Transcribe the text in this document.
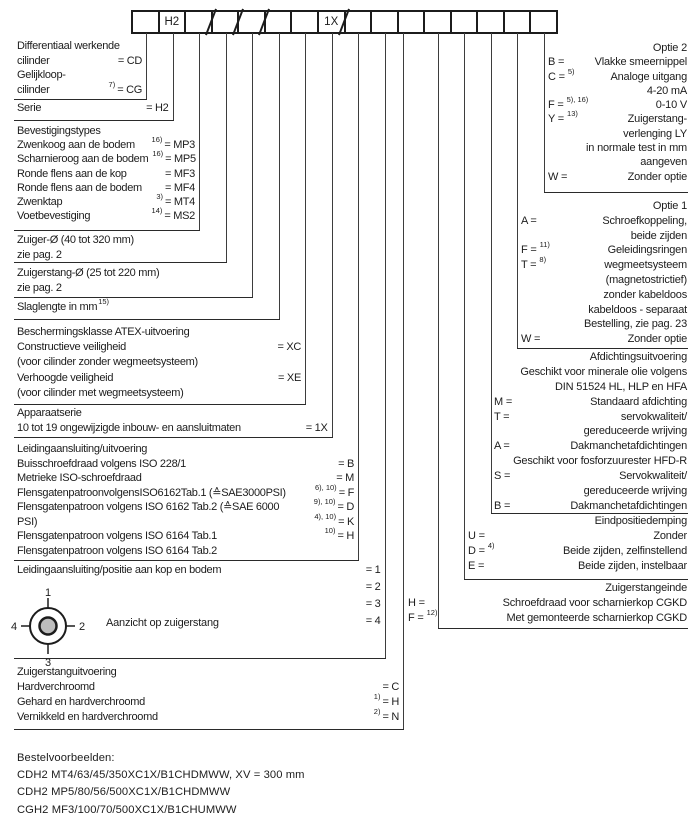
H2	1X
Differentiaal werkende
cilinder	= CD
Gelijkloop-
cilinder	7) = CG
Serie	= H2
Bevestigingstypes
Zwenkoog aan de bodem 16) = MP3
Scharnieroog aan de bodem 16) = MP5
Ronde flens aan de kop	= MF3
Ronde flens aan de bodem = MF4
Zwenktap	3) = MT4
Voetbevestiging	14) = MS2
Zuiger-Ø (40 tot 320 mm)
zie pag. 2
Zuigerstang-Ø (25 tot 220 mm)
zie pag. 2
Slaglengte in mm 15)
Beschermingsklasse ATEX-uitvoering
Constructieve veiligheid	= XC
(voor cilinder zonder wegmeetsysteem)
Verhoogde veiligheid	= XE
(voor cilinder met wegmeetsysteem)
Apparaatserie
10 tot 19 ongewijzigde inbouw- en aansluitmaten	= 1X
Leidingaansluiting/uitvoering
Buisschroefdraad volgens ISO 228/1	= B
Metrieke ISO-schroefdraad	= M
FlensgatenpatroonvolgensISO6162Tab.1 (≙SAE3000PSI)	6), 10) = F
Flensgatenpatroon volgens ISO 6162 Tab.2 (≙SAE 6000	9), 10) = D
PSI)	4), 10) = K
Flensgatenpatroon volgens ISO 6164 Tab.1	10) = H
Flensgatenpatroon volgens ISO 6164 Tab.2
Leidingaansluiting/positie aan kop en bodem	= 1
= 2
= 3
= 4
Zuigerstanguitvoering
Hardverchroomd	= C
Gehard en hardverchroomd	1) = H
Vernikkeld en hardverchroomd	2) = N
Optie 2
B =	Vlakke smeernippel
C = 5)	Analoge uitgang
4-20 mA
F = 5), 16)	0-10 V
Y = 13)	Zuigerstang-
verlenging LY
in normale test in mm
aangeven
W =	Zonder optie
Optie 1
A =	Schroefkoppeling,
beide zijden
F = 11)	Geleidingsringen
T = 8)	wegmeetsysteem
(magnetostrictief)
zonder kabeldoos
kabeldoos - separaat
Bestelling, zie pag. 23
W =	Zonder optie
Afdichtingsuitvoering
Geschikt voor minerale olie volgens
DIN 51524 HL, HLP en HFA
M =	Standaard afdichting
T =	servokwaliteit/
gereduceerde wrijving
A =	Dakmanchetafdichtingen
Geschikt voor fosforzuurester HFD-R
S =	Servokwaliteit/
gereduceerde wrijving
B =	Dakmanchetafdichtingen
Eindpositiedemping
U =	Zonder
D = 4)	Beide zijden, zelfinstellend
E =	Beide zijden, instelbaar
Zuigerstangeinde
H =	Schroefdraad voor scharnierkop CGKD
F = 12)	Met gemonteerde scharnierkop CGKD
1
2
3
4	Aanzicht op zuigerstang
Bestelvoorbeelden:
CDH2 MT4/63/45/350XC1X/B1CHDMWW, XV = 300 mm
CDH2 MP5/80/56/500XC1X/B1CHDMWW
CGH2 MF3/100/70/500XC1X/B1CHUMWW
